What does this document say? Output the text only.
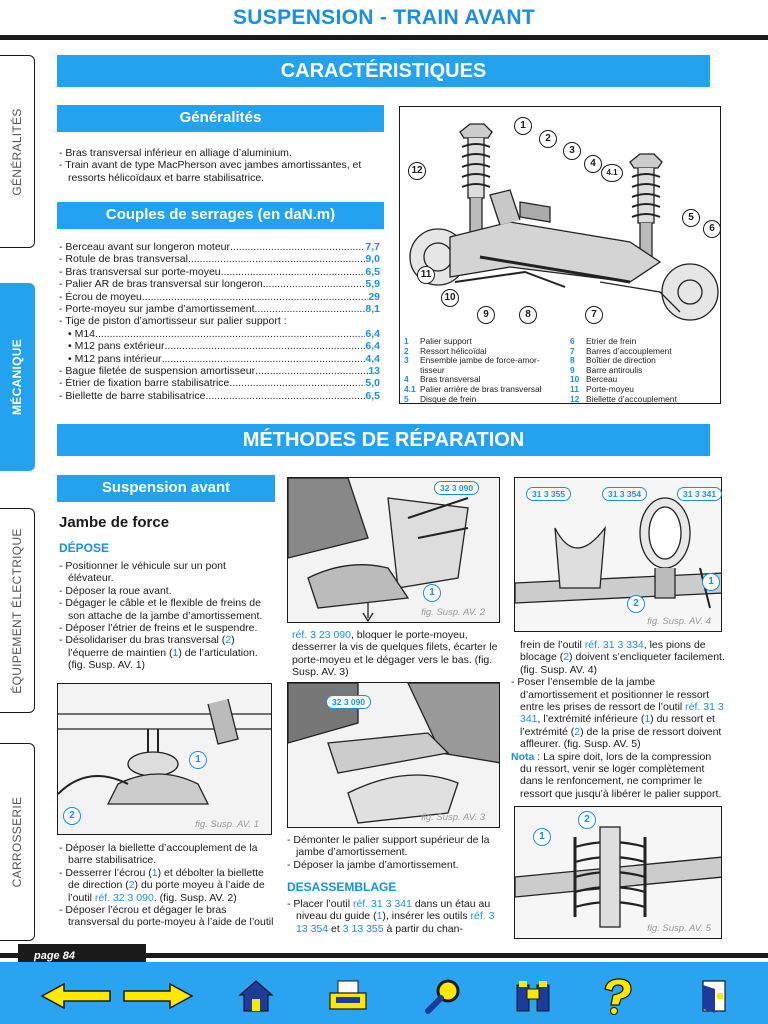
SUSPENSION - TRAIN AVANT
GÉNÉRALITÉS
MÉCANIQUE
ÉQUIPEMENT ÉLECTRIQUE
CARROSSERIE
CARACTÉRISTIQUES
Généralités

- Bras transversal inférieur en alliage d’aluminium.

- Train avant de type MacPherson avec jambes amortissantes, et ressorts hélicoïdaux et barre stabilisatrice.

Couples de serrages (en daN.m)
- Berceau avant sur longeron moteur .....	7,7
- Rotule de bras transversal .....	9,0
- Bras transversal sur porte-moyeu .....	6,5
- Palier AR de bras transversal sur longeron .....	5,9
- Écrou de moyeu .....	29
- Porte-moyeu sur jambe d’amortissement .....	8,1
- Tige de piston d’amortisseur sur palier support :
• M14 .....	6,4
• M12 pans extérieur .....	6,4
• M12 pans intérieur .....	4,4
- Bague filetée de suspension amortisseur .....	13
- Étrier de fixation barre stabilisatrice .....	5,0
- Biellette de barre stabilisatrice .....	6,5
1 Palier support
2 Ressort hélicoïdal
3 Ensemble jambe de force-amor-
tisseur
4 Bras transversal
4.1 Palier arrière de bras transversal
5 Disque de frein
6 Etrier de frein
7 Barres d’accouplement
8 Boîtier de direction
9 Barre antiroulis
10 Berceau
11 Porte-moyeu
12 Biellette d’accouplement
1
2
3
4
4.1
5
6
7
8
9
10
11
12
MÉTHODES DE RÉPARATION
Suspension avant
Jambe de force
DÉPOSE

- Positionner le véhicule sur un pont élévateur.

- Déposer la roue avant.

- Dégager le câble et le flexible de freins de son attache de la jambe d’amortissement.

- Déposer l’étrier de freins et le suspendre.

- Désolidariser du bras transversal (2) l’équerre de maintien (1) de l’articulation. (fig. Susp. AV. 1)

fig. Susp. AV. 1
1
2

- Déposer la biellette d’accouplement de la barre stabilisatrice.

- Desserrer l’écrou (1) et débolter la biellette de direction (2) du porte moyeu à l’aide de l’outil réf. 32 3 090. (fig. Susp. AV. 2)

- Déposer l’écrou et dégager le bras transversal du porte-moyeu à l’aide de l’outil

fig. Susp. AV. 2
32 3 090
1

réf. 3 23 090, bloquer le porte-moyeu, desserrer la vis de quelques filets, écarter le porte-moyeu et le dégager vers le bas. (fig. Susp. AV. 3)

fig. Susp. AV. 3
32 3 090

- Démonter le palier support supérieur de la jambe d’amortissement.

- Déposer la jambe d’amortissement.

DESASSEMBLAGE

- Placer l’outil réf. 31 3 341 dans un étau au niveau du guide (1), insérer les outils réf. 3 13 354 et 3 13 355 à partir du chan-

fig. Susp. AV. 4
31 3 355	31 3 354	31 3 341
1
2

frein de l’outil réf. 31 3 334, les pions de blocage (2) doivent s’encliqueter facilement. (fig. Susp. AV. 4)

- Poser l’ensemble de la jambe d’amortissement et positionner le ressort entre les prises de ressort de l’outil réf. 31 3 341, l’extrémité inférieure (1) du ressort et l’extrémité (2) de la prise de ressort doivent affleurer. (fig. Susp. AV. 5)

Nota : La spire doit, lors de la compression du ressort, venir se loger complètement dans le renfoncement, ne comprimer le ressort que jusqu’à libérer le palier support.

fig. Susp. AV. 5
1
2
page 84
